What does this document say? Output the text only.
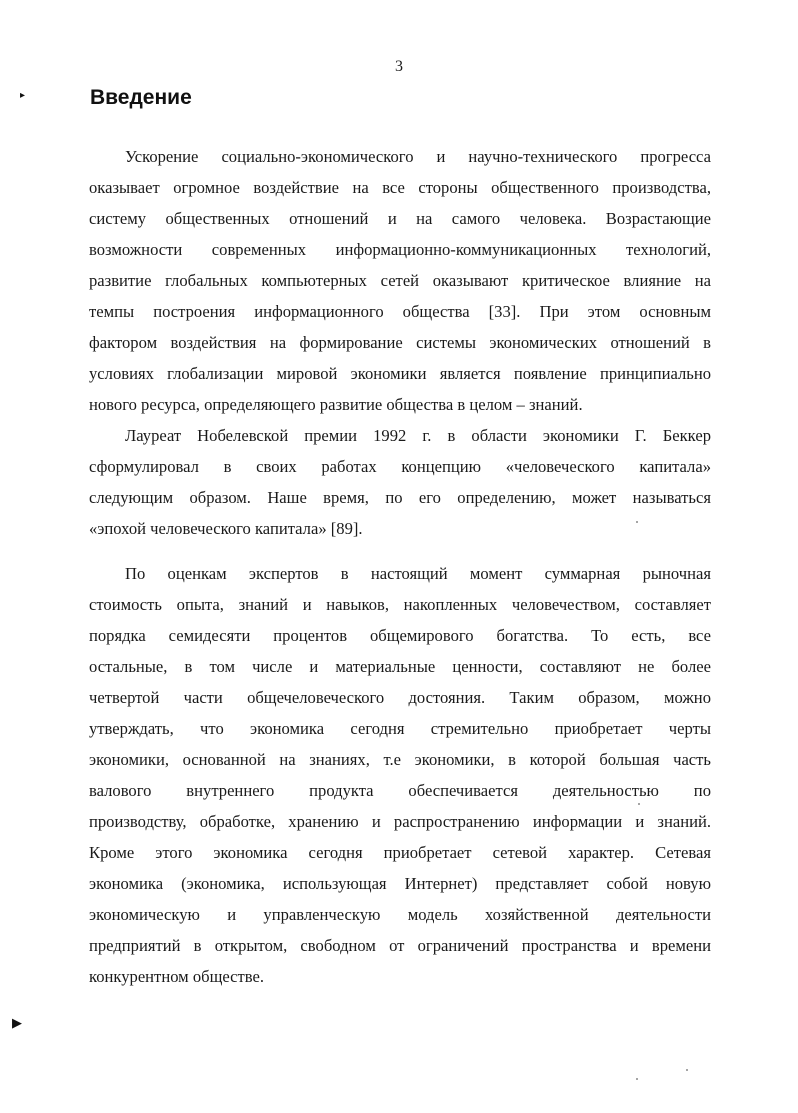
3
▸
▶
Введение
Ускорение социально-экономического и научно-технического прогресса
оказывает огромное воздействие на все стороны общественного производства,
систему общественных отношений и на самого человека. Возрастающие
возможности современных информационно-коммуникационных технологий,
развитие глобальных компьютерных сетей оказывают критическое влияние на
темпы построения информационного общества [33]. При этом основным
фактором воздействия на формирование системы экономических отношений в
условиях глобализации мировой экономики является появление принципиально
нового ресурса, определяющего развитие общества в целом – знаний.
Лауреат Нобелевской премии 1992 г. в области экономики Г. Беккер
сформулировал в своих работах концепцию «человеческого капитала»
следующим образом. Наше время, по его определению, может называться
«эпохой человеческого капитала» [89].
По оценкам экспертов в настоящий момент суммарная рыночная
стоимость опыта, знаний и навыков, накопленных человечеством, составляет
порядка семидесяти процентов общемирового богатства. То есть, все
остальные, в том числе и материальные ценности, составляют не более
четвертой части общечеловеческого достояния. Таким образом, можно
утверждать, что экономика сегодня стремительно приобретает черты
экономики, основанной на знаниях, т.е экономики, в которой большая часть
валового внутреннего продукта обеспечивается деятельностью по
производству, обработке, хранению и распространению информации и знаний.
Кроме этого экономика сегодня приобретает сетевой характер. Сетевая
экономика (экономика, использующая Интернет) представляет собой новую
экономическую и управленческую модель хозяйственной деятельности
предприятий в открытом, свободном от ограничений пространства и времени
конкурентном обществе.
